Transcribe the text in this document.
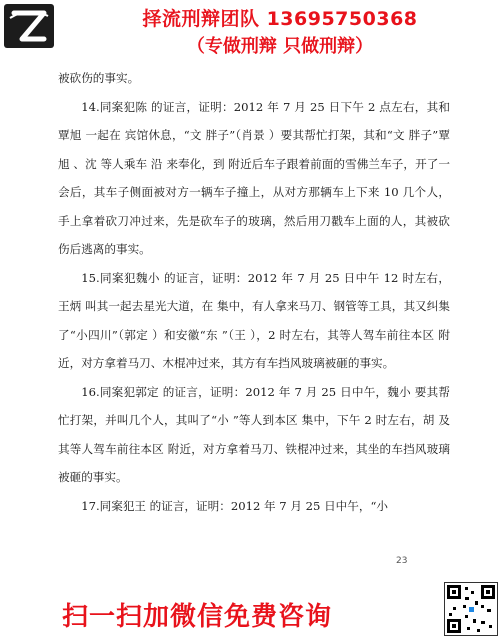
择流刑辩团队 13695750368
（专做刑辩 只做刑辩）

被砍伤的事实。

14.同案犯陈 的证言，证明：2012 年 7 月 25 日下午 2 点左右，其和覃旭 一起在 宾馆休息，“文 胖子”（肖景 ）要其帮忙打架，其和“文 胖子”覃旭 、沈 等人乘车 沿 来奉化，到 附近后车子跟着前面的雪佛兰车子，开了一会后，其车子侧面被对方一辆车子撞上，从对方那辆车上下来 10 几个人，手上拿着砍刀冲过来，先是砍车子的玻璃，然后用刀戳车上面的人，其被砍伤后逃离的事实。

15.同案犯魏小 的证言，证明：2012 年 7 月 25 日中午 12 时左右，王炳 叫其一起去星光大道，在 集中，有人拿来马刀、钢管等工具，其又纠集了“小四川”（郭定 ）和安徽“东 ”（王 ），2 时左右，其等人驾车前往本区 附近，对方拿着马刀、木棍冲过来，其方有车挡风玻璃被砸的事实。

16.同案犯郭定 的证言，证明：2012 年 7 月 25 日中午，魏小 要其帮忙打架，并叫几个人，其叫了“小 ”等人到本区 集中，下午 2 时左右，胡 及其等人驾车前往本区 附近，对方拿着马刀、铁棍冲过来，其坐的车挡风玻璃被砸的事实。

17.同案犯王 的证言，证明：2012 年 7 月 25 日中午，“小

23
扫一扫加微信免费咨询
